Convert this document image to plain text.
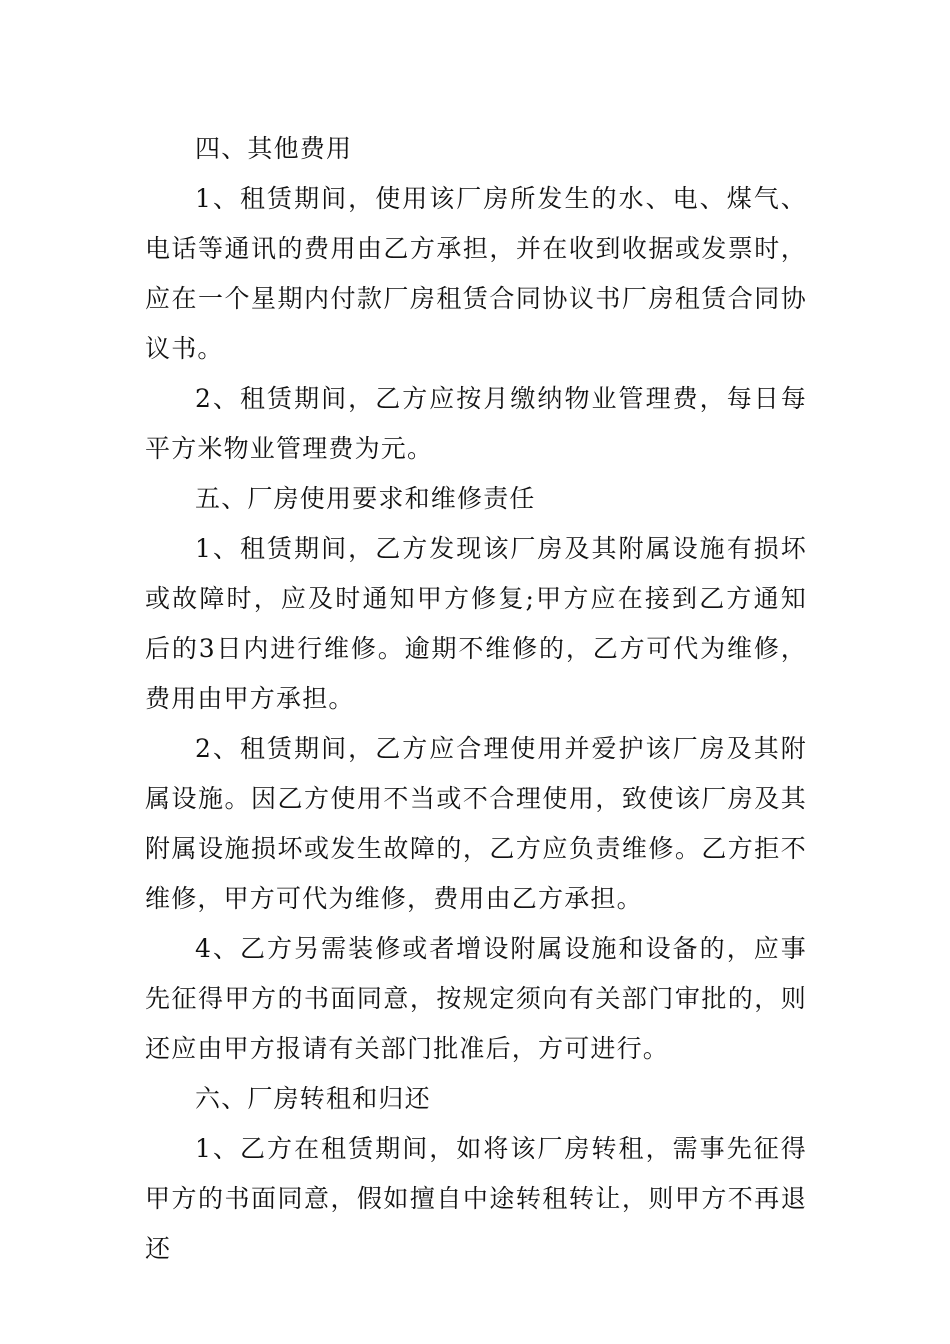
四、其他费用

1、租赁期间，使用该厂房所发生的水、电、煤气、电话等通讯的费用由乙方承担，并在收到收据或发票时，应在一个星期内付款厂房租赁合同协议书厂房租赁合同协议书。

2、租赁期间，乙方应按月缴纳物业管理费，每日每平方米物业管理费为元。

五、厂房使用要求和维修责任

1、租赁期间，乙方发现该厂房及其附属设施有损坏或故障时，应及时通知甲方修复;甲方应在接到乙方通知后的3日内进行维修。逾期不维修的，乙方可代为维修，费用由甲方承担。

2、租赁期间，乙方应合理使用并爱护该厂房及其附属设施。因乙方使用不当或不合理使用，致使该厂房及其附属设施损坏或发生故障的，乙方应负责维修。乙方拒不维修，甲方可代为维修，费用由乙方承担。

4、乙方另需装修或者增设附属设施和设备的，应事先征得甲方的书面同意，按规定须向有关部门审批的，则还应由甲方报请有关部门批准后，方可进行。

六、厂房转租和归还

1、乙方在租赁期间，如将该厂房转租，需事先征得甲方的书面同意，假如擅自中途转租转让，则甲方不再退还
